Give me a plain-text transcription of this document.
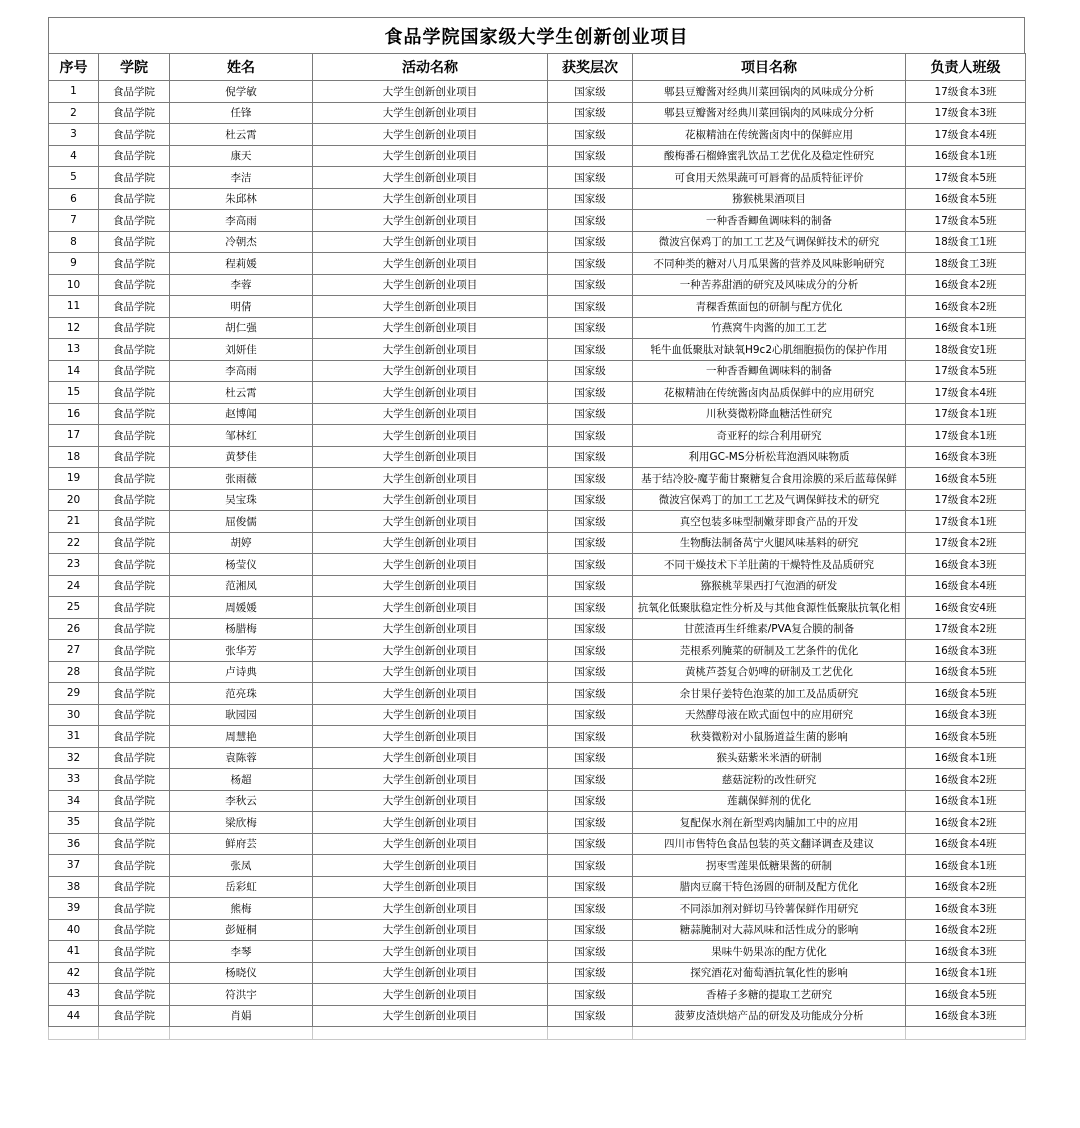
食品学院国家级大学生创新创业项目
序号	学院	姓名	活动名称	获奖层次	项目名称	负责人班级
1	食品学院	倪学敏	大学生创新创业项目	国家级	郫县豆瓣酱对经典川菜回锅肉的风味成分分析	17级食本3班
2	食品学院	任锋	大学生创新创业项目	国家级	郫县豆瓣酱对经典川菜回锅肉的风味成分分析	17级食本3班
3	食品学院	杜云霄	大学生创新创业项目	国家级	花椒精油在传统酱卤肉中的保鲜应用	17级食本4班
4	食品学院	康天	大学生创新创业项目	国家级	酸梅番石榴蜂蜜乳饮品工艺优化及稳定性研究	16级食本1班
5	食品学院	李洁	大学生创新创业项目	国家级	可食用天然果蔬可可唇膏的品质特征评价	17级食本5班
6	食品学院	朱邱林	大学生创新创业项目	国家级	猕猴桃果酒项目	16级食本5班
7	食品学院	李高雨	大学生创新创业项目	国家级	一种香香鲫鱼调味料的制备	17级食本5班
8	食品学院	冷朝杰	大学生创新创业项目	国家级	微波宫保鸡丁的加工工艺及气调保鲜技术的研究	18级食工1班
9	食品学院	程莉媛	大学生创新创业项目	国家级	不同种类的糖对八月瓜果酱的营养及风味影响研究	18级食工3班
10	食品学院	李蓉	大学生创新创业项目	国家级	一种苦荞甜酒的研究及风味成分的分析	16级食本2班
11	食品学院	明倩	大学生创新创业项目	国家级	青稞香蕉面包的研制与配方优化	16级食本2班
12	食品学院	胡仁强	大学生创新创业项目	国家级	竹燕窝牛肉酱的加工工艺	16级食本1班
13	食品学院	刘妍佳	大学生创新创业项目	国家级	牦牛血低聚肽对缺氧H9c2心肌细胞损伤的保护作用	18级食安1班
14	食品学院	李高雨	大学生创新创业项目	国家级	一种香香鲫鱼调味料的制备	17级食本5班
15	食品学院	杜云霄	大学生创新创业项目	国家级	花椒精油在传统酱卤肉品质保鲜中的应用研究	17级食本4班
16	食品学院	赵博闻	大学生创新创业项目	国家级	川秋葵微粉降血糖活性研究	17级食本1班
17	食品学院	邹林红	大学生创新创业项目	国家级	奇亚籽的综合利用研究	17级食本1班
18	食品学院	黄梦佳	大学生创新创业项目	国家级	利用GC-MS分析松茸泡酒风味物质	16级食本3班
19	食品学院	张雨薇	大学生创新创业项目	国家级	基于结冷胶-魔芋葡甘聚糖复合食用涂膜的采后蓝莓保鲜	16级食本5班
20	食品学院	吴宝珠	大学生创新创业项目	国家级	微波宫保鸡丁的加工工艺及气调保鲜技术的研究	17级食本2班
21	食品学院	屈俊儒	大学生创新创业项目	国家级	真空包装多味型制嫩芽即食产品的开发	17级食本1班
22	食品学院	胡婷	大学生创新创业项目	国家级	生物酶法制备莴宁火腿风味基料的研究	17级食本2班
23	食品学院	杨莹仪	大学生创新创业项目	国家级	不同干燥技术下羊肚菌的干燥特性及品质研究	16级食本3班
24	食品学院	范湘凤	大学生创新创业项目	国家级	猕猴桃苹果西打气泡酒的研发	16级食本4班
25	食品学院	周媛媛	大学生创新创业项目	国家级	抗氧化低聚肽稳定性分析及与其他食源性低聚肽抗氧化相	16级食安4班
26	食品学院	杨腊梅	大学生创新创业项目	国家级	甘蔗渣再生纤维素/PVA复合膜的制备	17级食本2班
27	食品学院	张华芳	大学生创新创业项目	国家级	芫根系列腌菜的研制及工艺条件的优化	16级食本3班
28	食品学院	卢诗典	大学生创新创业项目	国家级	黄桃芦荟复合奶啤的研制及工艺优化	16级食本5班
29	食品学院	范亮珠	大学生创新创业项目	国家级	余甘果仔姜特色泡菜的加工及品质研究	16级食本5班
30	食品学院	耿园园	大学生创新创业项目	国家级	天然酵母液在欧式面包中的应用研究	16级食本3班
31	食品学院	周慧艳	大学生创新创业项目	国家级	秋葵微粉对小鼠肠道益生菌的影响	16级食本5班
32	食品学院	袁陈蓉	大学生创新创业项目	国家级	猴头菇紫米米酒的研制	16级食本1班
33	食品学院	杨超	大学生创新创业项目	国家级	慈菇淀粉的改性研究	16级食本2班
34	食品学院	李秋云	大学生创新创业项目	国家级	莲藕保鲜剂的优化	16级食本1班
35	食品学院	梁欣梅	大学生创新创业项目	国家级	复配保水剂在新型鸡肉脯加工中的应用	16级食本2班
36	食品学院	鲜府芸	大学生创新创业项目	国家级	四川市售特色食品包装的英文翻译调查及建议	16级食本4班
37	食品学院	张凤	大学生创新创业项目	国家级	拐枣雪莲果低糖果酱的研制	16级食本1班
38	食品学院	岳彩虹	大学生创新创业项目	国家级	腊肉豆腐干特色汤圆的研制及配方优化	16级食本2班
39	食品学院	熊梅	大学生创新创业项目	国家级	不同添加剂对鲜切马铃薯保鲜作用研究	16级食本3班
40	食品学院	彭娅桐	大学生创新创业项目	国家级	糖蒜腌制对大蒜风味和活性成分的影响	16级食本2班
41	食品学院	李琴	大学生创新创业项目	国家级	果味牛奶果冻的配方优化	16级食本3班
42	食品学院	杨晓仪	大学生创新创业项目	国家级	探究酒花对葡萄酒抗氧化性的影响	16级食本1班
43	食品学院	符洪宇	大学生创新创业项目	国家级	香椿子多糖的提取工艺研究	16级食本5班
44	食品学院	肖娟	大学生创新创业项目	国家级	菠萝皮渣烘焙产品的研发及功能成分分析	16级食本3班
